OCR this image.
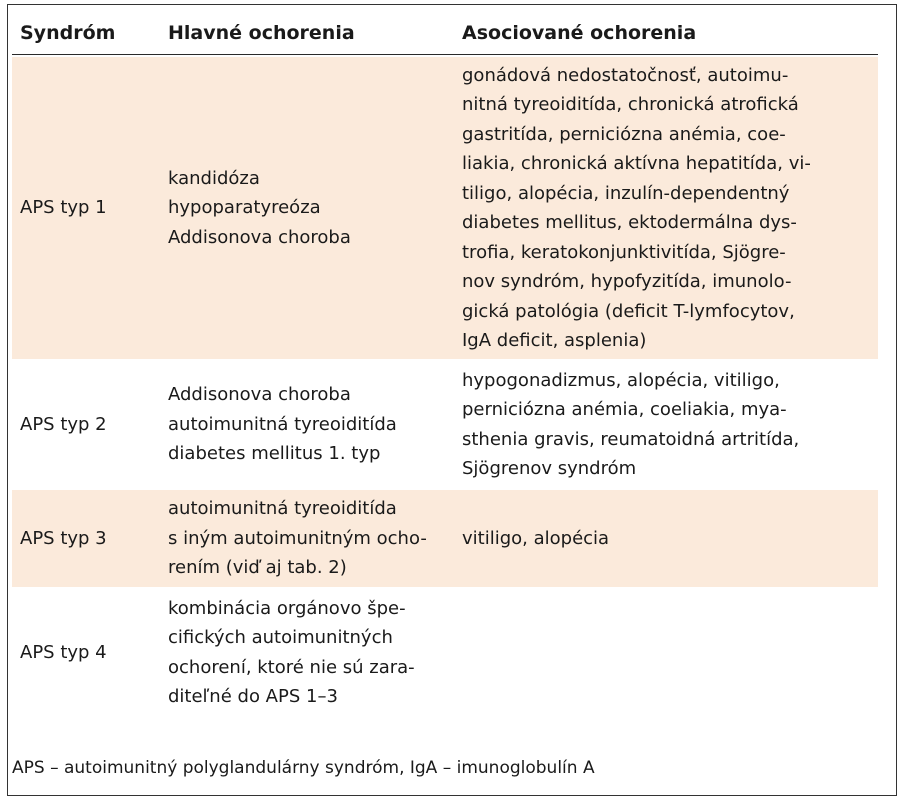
Syndróm	Hlavné ochorenia	Asociované ochorenia
APS typ 1
kandidóza
hypoparatyreóza
Addisonova choroba
gonádová nedostatočnosť, autoimu-
nitná tyreoiditída, chronická atrofická
gastritída, perniciózna anémia, coe-
liakia, chronická aktívna hepatitída, vi-
tiligo, alopécia, inzulín-dependentný
diabetes mellitus, ektodermálna dys-
trofia, keratokonjunktivitída, Sjögre-
nov syndróm, hypofyzitída, imunolo-
gická patológia (deficit T-lymfocytov,
IgA deficit, asplenia)
APS typ 2
Addisonova choroba
autoimunitná tyreoiditída
diabetes mellitus 1. typ
hypogonadizmus, alopécia, vitiligo,
perniciózna anémia, coeliakia, mya-
sthenia gravis, reumatoidná artritída,
Sjögrenov syndróm
APS typ 3
autoimunitná tyreoiditída
s iným autoimunitným ocho-
rením (viď aj tab. 2)
vitiligo, alopécia
APS typ 4
kombinácia orgánovo špe-
cifických autoimunitných
ochorení, ktoré nie sú zara-
diteľné do APS 1–3
APS – autoimunitný polyglandulárny syndróm, IgA – imunoglobulín A
